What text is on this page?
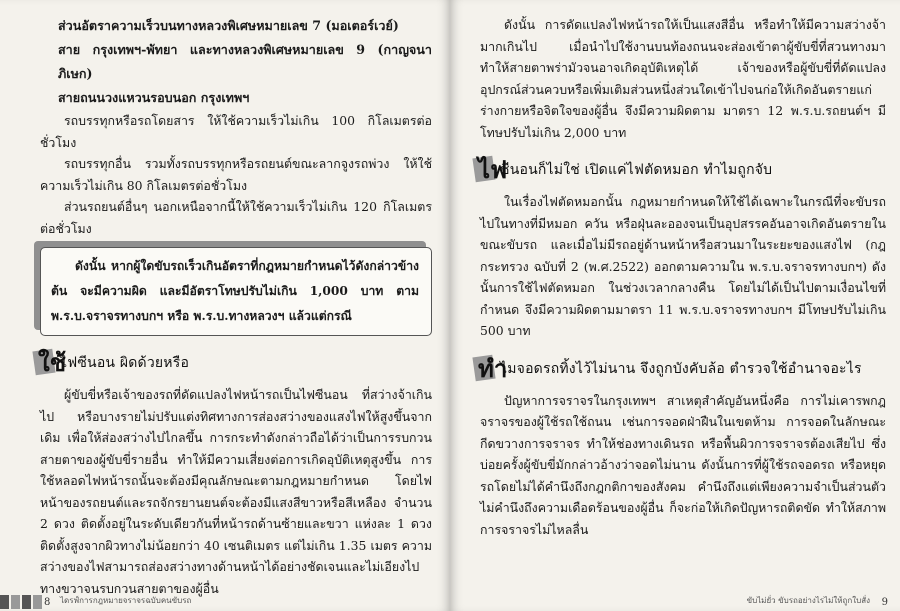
ส่วนอัตราความเร็วบนทางหลวงพิเศษหมายเลข 7 (มอเตอร์เวย์)

สาย กรุงเทพฯ-พัทยา และทางหลวงพิเศษหมายเลข 9 (กาญจนาภิเษก)

สายถนนวงแหวนรอบนอก กรุงเทพฯ

รถบรรทุกหรือรถโดยสาร ให้ใช้ความเร็วไม่เกิน 100 กิโลเมตรต่อชั่วโมง

รถบรรทุกอื่น รวมทั้งรถบรรทุกหรือรถยนต์ขณะลากจูงรถพ่วง ให้ใช้ความเร็วไม่เกิน 80 กิโลเมตรต่อชั่วโมง

ส่วนรถยนต์อื่นๆ นอกเหนือจากนี้ให้ใช้ความเร็วไม่เกิน 120 กิโลเมตรต่อชั่วโมง

ดังนั้น หากผู้ใดขับรถเร็วเกินอัตราที่กฎหมายกำหนดไว้ดังกล่าวข้างต้น จะมีความผิด และมีอัตราโทษปรับไม่เกิน 1,000 บาท ตาม พ.ร.บ.จราจรทางบกฯ หรือ พ.ร.บ.ทางหลวงฯ แล้วแต่กรณี

ใช้
ไฟซีนอน ผิดด้วยหรือ

ผู้ขับขี่หรือเจ้าของรถที่ดัดแปลงไฟหน้ารถเป็นไฟซีนอน ที่สว่างจ้าเกินไป หรือบางรายไม่ปรับแต่งทิศทางการส่องสว่างของแสงไฟให้สูงขึ้นจากเดิม เพื่อให้ส่องสว่างไปไกลขึ้น การกระทำดังกล่าวถือได้ว่าเป็นการรบกวนสายตาของผู้ขับขี่รายอื่น ทำให้มีความเสี่ยงต่อการเกิดอุบัติเหตุสูงขึ้น การใช้หลอดไฟหน้ารถนั้นจะต้องมีคุณลักษณะตามกฎหมายกำหนด โดยไฟหน้าของรถยนต์และรถจักรยานยนต์จะต้องมีแสงสีขาวหรือสีเหลือง จำนวน 2 ดวง ติดตั้งอยู่ในระดับเดียวกันที่หน้ารถด้านซ้ายและขวา แห่งละ 1 ดวง ติดตั้งสูงจากผิวทางไม่น้อยกว่า 40 เซนติเมตร แต่ไม่เกิน 1.35 เมตร ความสว่างของไฟสามารถส่องสว่างทางด้านหน้าได้อย่างชัดเจนและไม่เอียงไปทางขวาจนรบกวนสายตาของผู้อื่น

8 ไดรฟ์การกฎหมายจราจรฉบับคนขับรถ

ดังนั้น การดัดแปลงไฟหน้ารถให้เป็นแสงสีอื่น หรือทำให้มีความสว่างจ้ามากเกินไป เมื่อนำไปใช้งานบนท้องถนนจะส่องเข้าตาผู้ขับขี่ที่สวนทางมา ทำให้สายตาพร่ามัวจนอาจเกิดอุบัติเหตุได้ เจ้าของหรือผู้ขับขี่ที่ดัดแปลงอุปกรณ์ส่วนควบหรือเพิ่มเติมส่วนหนึ่งส่วนใดเข้าไปจนก่อให้เกิดอันตรายแก่ร่างกายหรือจิตใจของผู้อื่น จึงมีความผิดตาม มาตรา 12 พ.ร.บ.รถยนต์ฯ มีโทษปรับไม่เกิน 2,000 บาท

ไฟ
ซีนอนก็ไม่ใช่ เปิดแค่ไฟตัดหมอก ทำไมถูกจับ

ในเรื่องไฟตัดหมอกนั้น กฎหมายกำหนดให้ใช้ได้เฉพาะในกรณีที่จะขับรถไปในทางที่มีหมอก ควัน หรือฝุ่นละอองจนเป็นอุปสรรคอันอาจเกิดอันตรายในขณะขับรถ และเมื่อไม่มีรถอยู่ด้านหน้าหรือสวนมาในระยะของแสงไฟ (กฎกระทรวง ฉบับที่ 2 (พ.ศ.2522) ออกตามความใน พ.ร.บ.จราจรทางบกฯ) ดังนั้นการใช้ไฟตัดหมอก ในช่วงเวลากลางคืน โดยไม่ได้เป็นไปตามเงื่อนไขที่กำหนด จึงมีความผิดตามมาตรา 11 พ.ร.บ.จราจรทางบกฯ มีโทษปรับไม่เกิน 500 บาท

ทำ
ไมจอดรถทิ้งไว้ไม่นาน จึงถูกบังคับล้อ ตำรวจใช้อำนาจอะไร

ปัญหาการจราจรในกรุงเทพฯ สาเหตุสำคัญอันหนึ่งคือ การไม่เคารพกฎจราจรของผู้ใช้รถใช้ถนน เช่นการจอดฝ่าฝืนในเขตห้าม การจอดในลักษณะกีดขวางการจราจร ทำให้ช่องทางเดินรถ หรือพื้นผิวการจราจรต้องเสียไป ซึ่งบ่อยครั้งผู้ขับขี่มักกล่าวอ้างว่าจอดไม่นาน ดังนั้นการที่ผู้ใช้รถจอดรถ หรือหยุดรถโดยไม่ได้คำนึงถึงกฎกติกาของสังคม คำนึงถึงแต่เพียงความจำเป็นส่วนตัว ไม่คำนึงถึงความเดือดร้อนของผู้อื่น ก็จะก่อให้เกิดปัญหารถติดขัด ทำให้สภาพการจราจรไม่ไหลลื่น

ขับไม่ยั่ว ขับรถอย่างไรไม่ให้ถูกใบสั่ง 9
